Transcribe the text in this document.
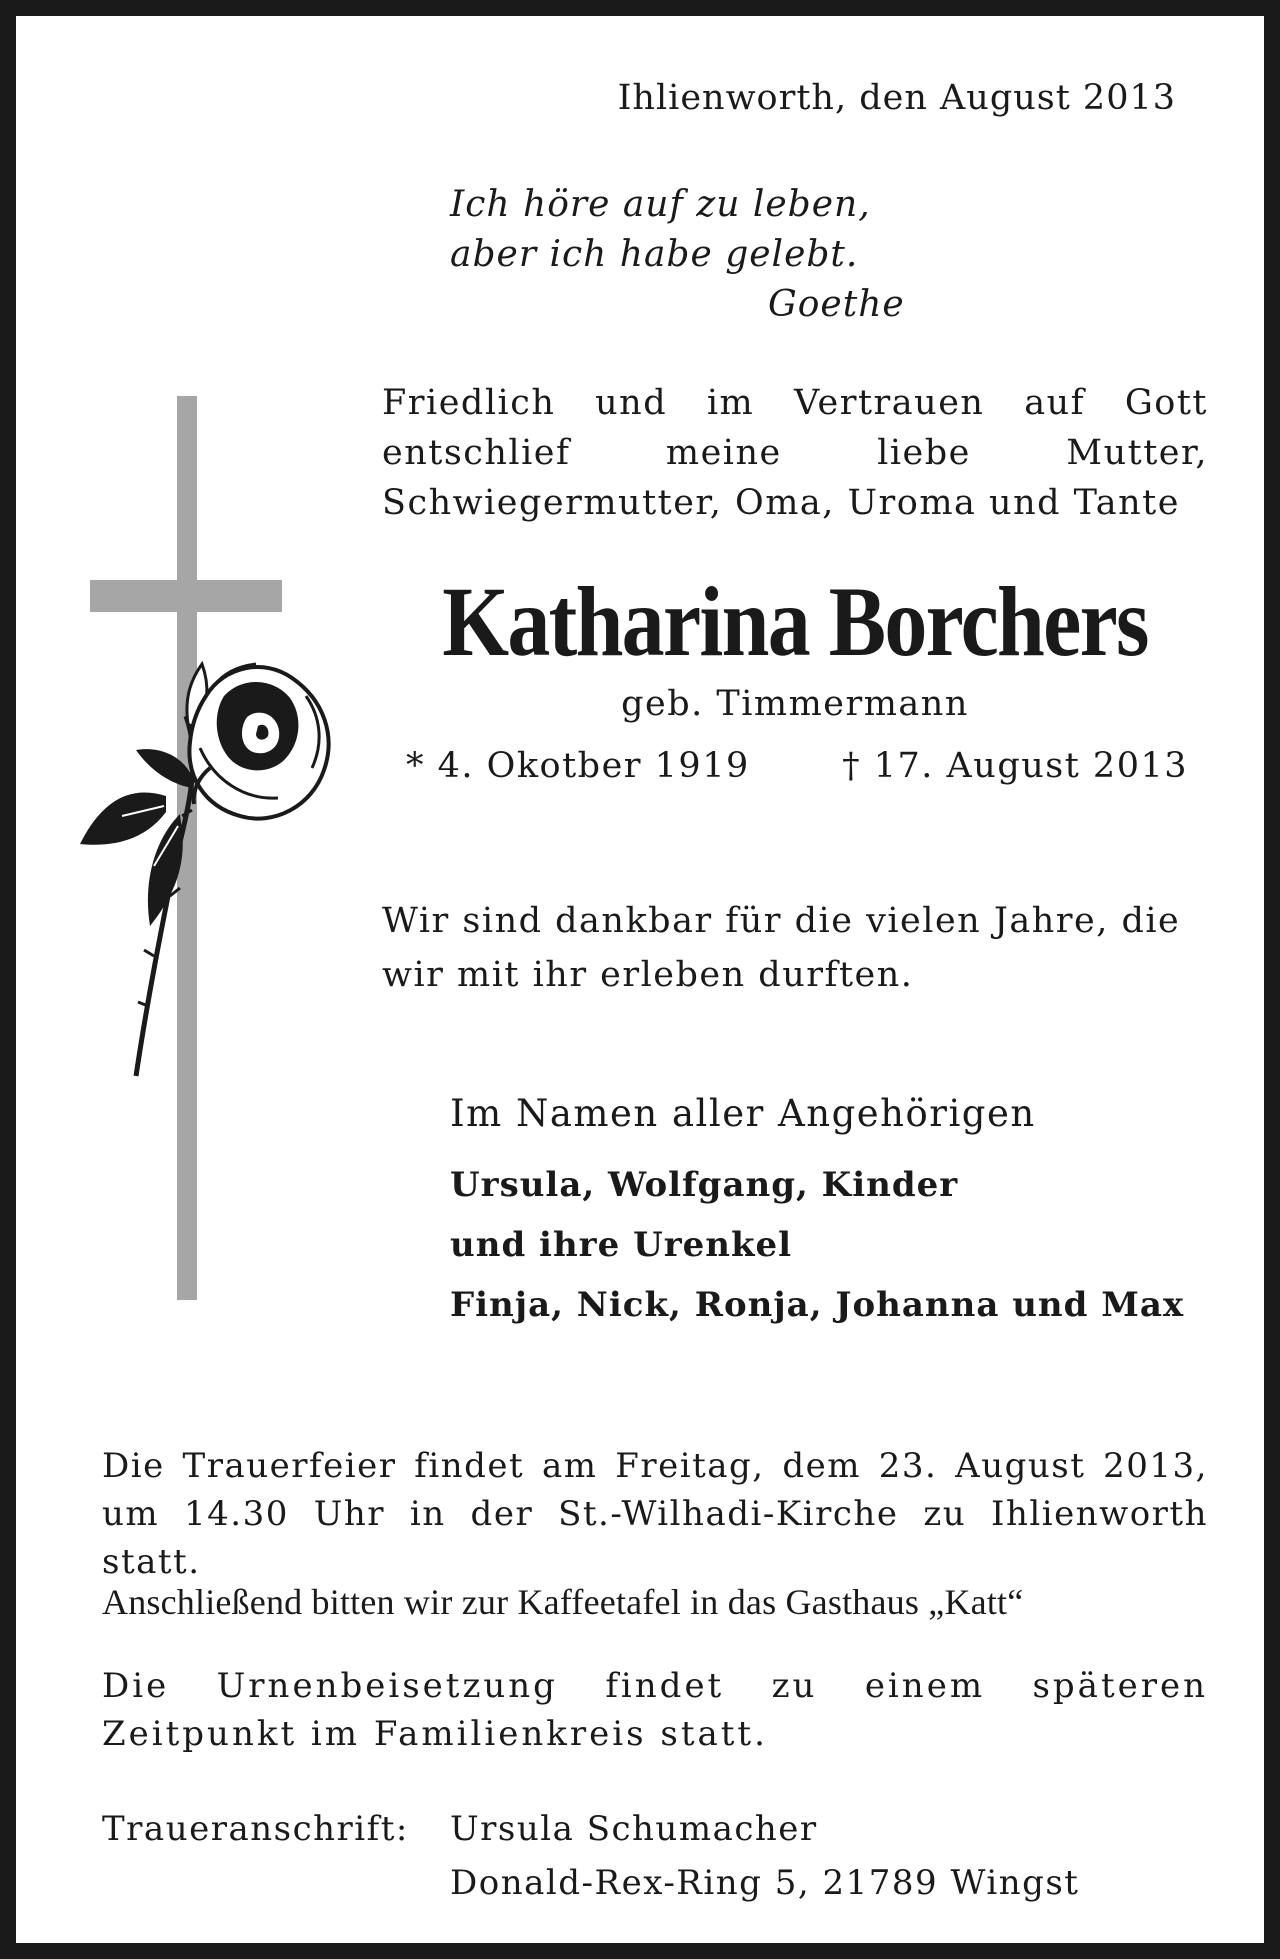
Ihlienworth, den August 2013
Ich höre auf zu leben,
aber ich habe gelebt.
Goethe
Friedlich und im Vertrauen auf Gott entschlief meine liebe Mutter, Schwiegermutter, Oma, Uroma und Tante
Katharina Borchers
geb. Timmermann
* 4. Okotber 1919	† 17. August 2013
Wir sind dankbar für die vielen Jahre, die wir mit ihr erleben durften.
Im Namen aller Angehörigen
Ursula, Wolfgang, Kinder
und ihre Urenkel
Finja, Nick, Ronja, Johanna und Max
Die Trauerfeier findet am Freitag, dem 23. August 2013, um 14.30 Uhr in der St.-Wilhadi-Kirche zu Ihlienworth statt.
Anschließend bitten wir zur Kaffeetafel in das Gasthaus „Katt“
Die Urnenbeisetzung findet zu einem späteren Zeitpunkt im Familienkreis statt.
Traueranschrift: Ursula Schumacher
Donald-Rex-Ring 5, 21789 Wingst
